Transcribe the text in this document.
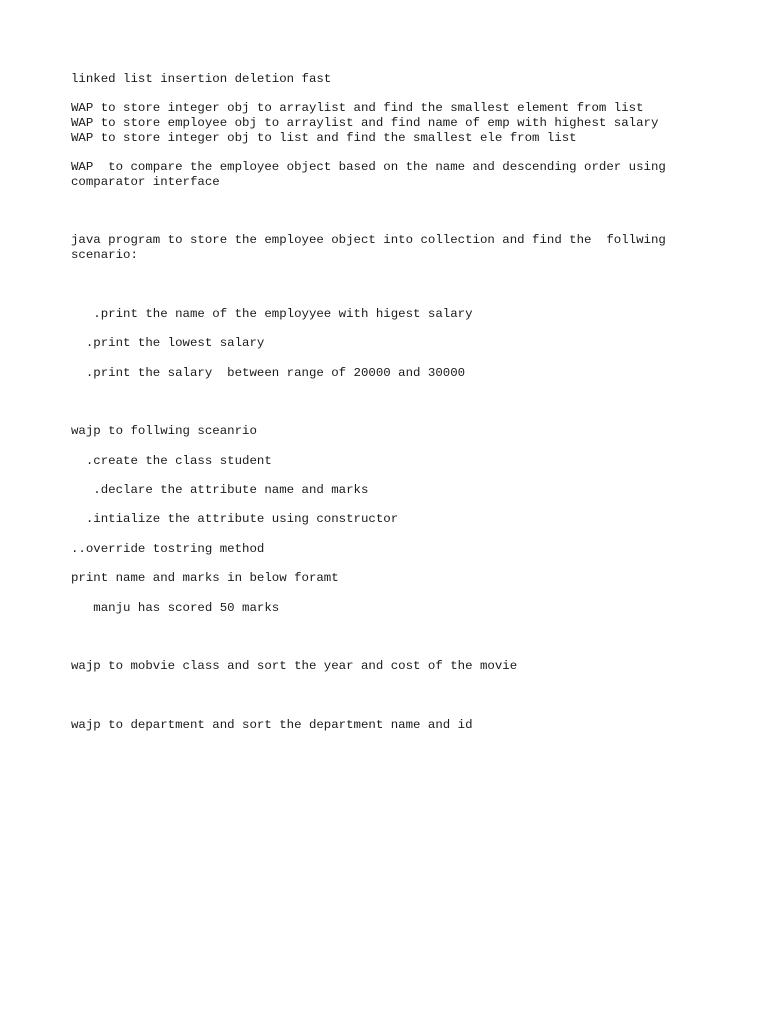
linked list insertion deletion fast

WAP to store integer obj to arraylist and find the smallest element from list

WAP to store employee obj to arraylist and find name of emp with highest salary

WAP to store integer obj to list and find the smallest ele from list

WAP  to compare the employee object based on the name and descending order using

comparator interface

java program to store the employee object into collection and find the  follwing

scenario:

.print the name of the employyee with higest salary

.print the lowest salary

.print the salary  between range of 20000 and 30000

wajp to follwing sceanrio

.create the class student

.declare the attribute name and marks

.intialize the attribute using constructor

..override tostring method

print name and marks in below foramt

manju has scored 50 marks

wajp to mobvie class and sort the year and cost of the movie

wajp to department and sort the department name and id
